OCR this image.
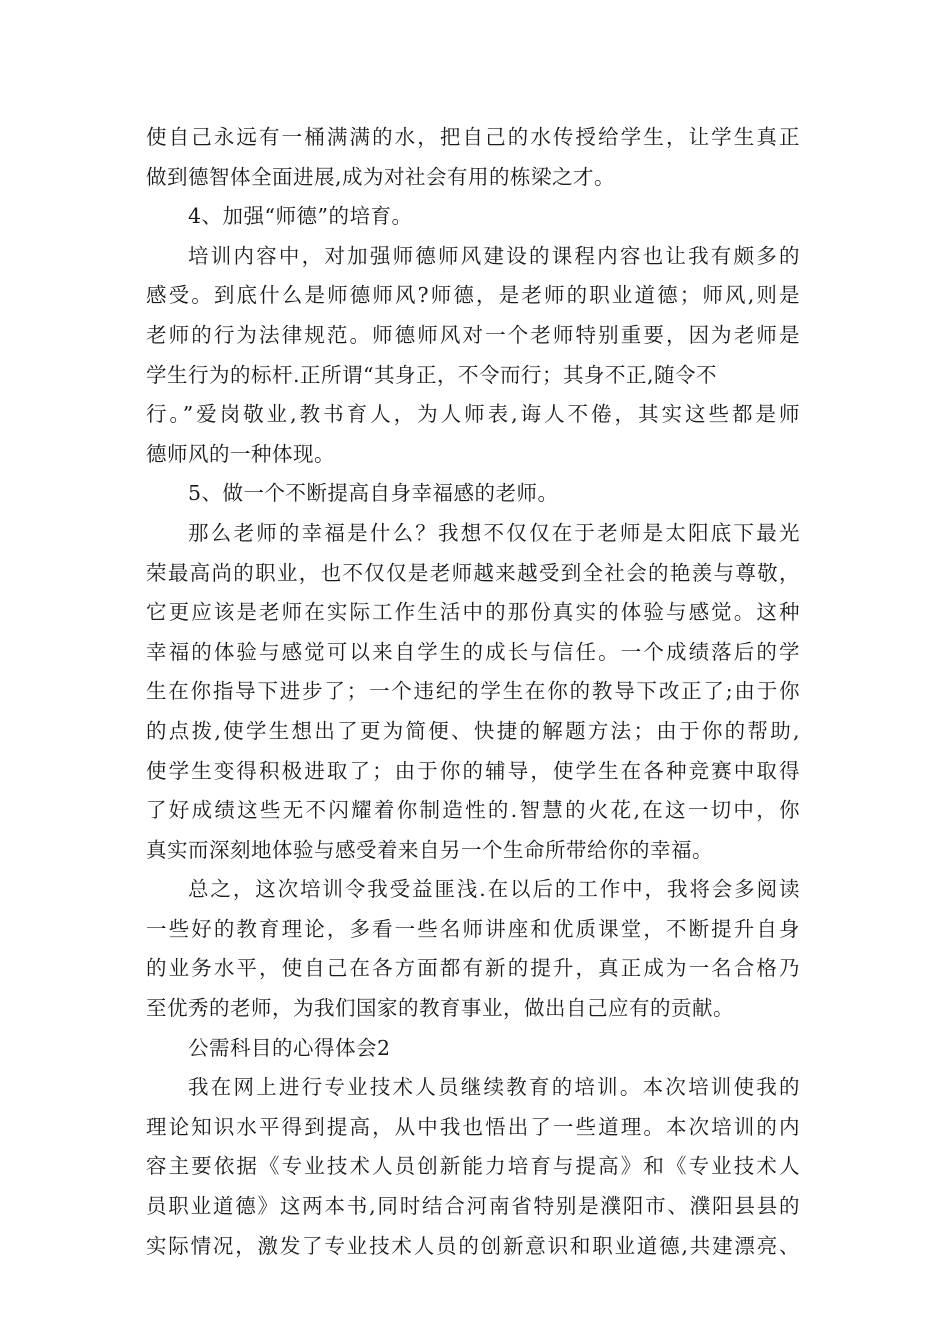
使自己永远有一桶满满的水，把自己的水传授给学生，让学生真正
做到德智体全面进展,成为对社会有用的栋梁之才。
4、加强“师德”的培育。
培训内容中，对加强师德师风建设的课程内容也让我有颇多的
感受。到底什么是师德师风?师德，是老师的职业道德；师风,则是
老师的行为法律规范。师德师风对一个老师特别重要，因为老师是
学生行为的标杆.正所谓“其身正，不令而行；其身不正,随令不
行。”爱岗敬业,教书育人，为人师表,诲人不倦，其实这些都是师
德师风的一种体现。
5、做一个不断提高自身幸福感的老师。
那么老师的幸福是什么？我想不仅仅在于老师是太阳底下最光
荣最高尚的职业，也不仅仅是老师越来越受到全社会的艳羡与尊敬，
它更应该是老师在实际工作生活中的那份真实的体验与感觉。这种
幸福的体验与感觉可以来自学生的成长与信任。一个成绩落后的学
生在你指导下进步了；一个违纪的学生在你的教导下改正了;由于你
的点拨,使学生想出了更为简便、快捷的解题方法；由于你的帮助,
使学生变得积极进取了；由于你的辅导，使学生在各种竞赛中取得
了好成绩这些无不闪耀着你制造性的.智慧的火花,在这一切中，你
真实而深刻地体验与感受着来自另一个生命所带给你的幸福。
总之，这次培训令我受益匪浅.在以后的工作中，我将会多阅读
一些好的教育理论，多看一些名师讲座和优质课堂，不断提升自身
的业务水平，使自己在各方面都有新的提升，真正成为一名合格乃
至优秀的老师，为我们国家的教育事业，做出自己应有的贡献。
公需科目的心得体会2
我在网上进行专业技术人员继续教育的培训。本次培训使我的
理论知识水平得到提高，从中我也悟出了一些道理。本次培训的内
容主要依据《专业技术人员创新能力培育与提高》和《专业技术人
员职业道德》这两本书,同时结合河南省特别是濮阳市、濮阳县县的
实际情况，激发了专业技术人员的创新意识和职业道德,共建漂亮、
